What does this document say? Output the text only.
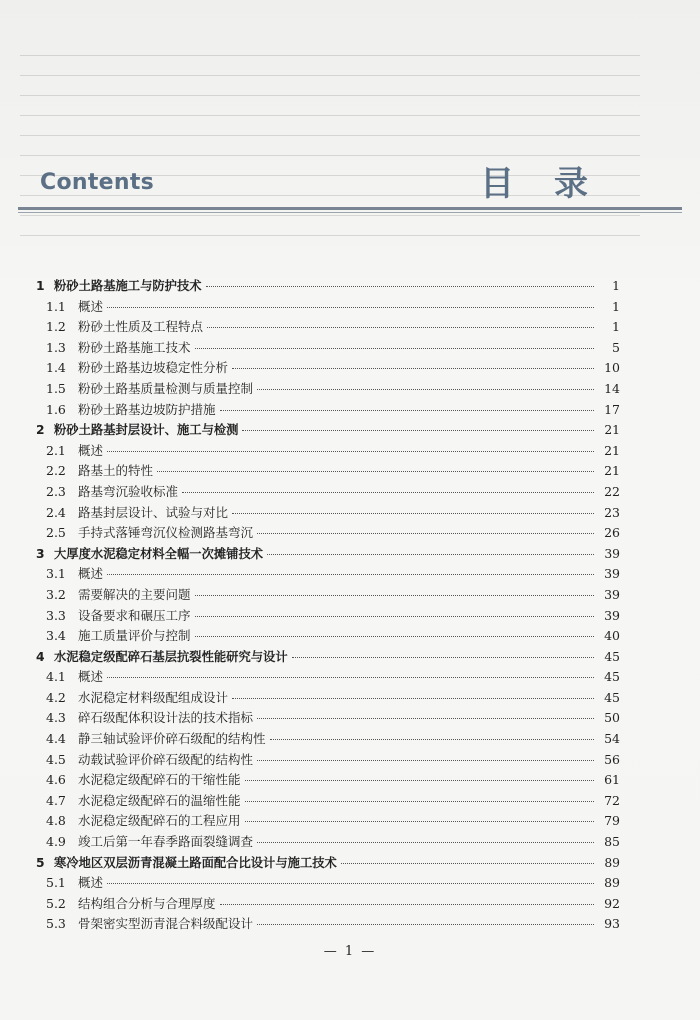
Contents	目 录
1 粉砂土路基施工与防护技术	1
1.1 概述	1
1.2 粉砂土性质及工程特点	1
1.3 粉砂土路基施工技术	5
1.4 粉砂土路基边坡稳定性分析	10
1.5 粉砂土路基质量检测与质量控制	14
1.6 粉砂土路基边坡防护措施	17
2 粉砂土路基封层设计、施工与检测	21
2.1 概述	21
2.2 路基土的特性	21
2.3 路基弯沉验收标准	22
2.4 路基封层设计、试验与对比	23
2.5 手持式落锤弯沉仪检测路基弯沉	26
3 大厚度水泥稳定材料全幅一次摊铺技术	39
3.1 概述	39
3.2 需要解决的主要问题	39
3.3 设备要求和碾压工序	39
3.4 施工质量评价与控制	40
4 水泥稳定级配碎石基层抗裂性能研究与设计	45
4.1 概述	45
4.2 水泥稳定材料级配组成设计	45
4.3 碎石级配体积设计法的技术指标	50
4.4 静三轴试验评价碎石级配的结构性	54
4.5 动载试验评价碎石级配的结构性	56
4.6 水泥稳定级配碎石的干缩性能	61
4.7 水泥稳定级配碎石的温缩性能	72
4.8 水泥稳定级配碎石的工程应用	79
4.9 竣工后第一年春季路面裂缝调查	85
5 寒冷地区双层沥青混凝土路面配合比设计与施工技术	89
5.1 概述	89
5.2 结构组合分析与合理厚度	92
5.3 骨架密实型沥青混合料级配设计	93
— 1 —
